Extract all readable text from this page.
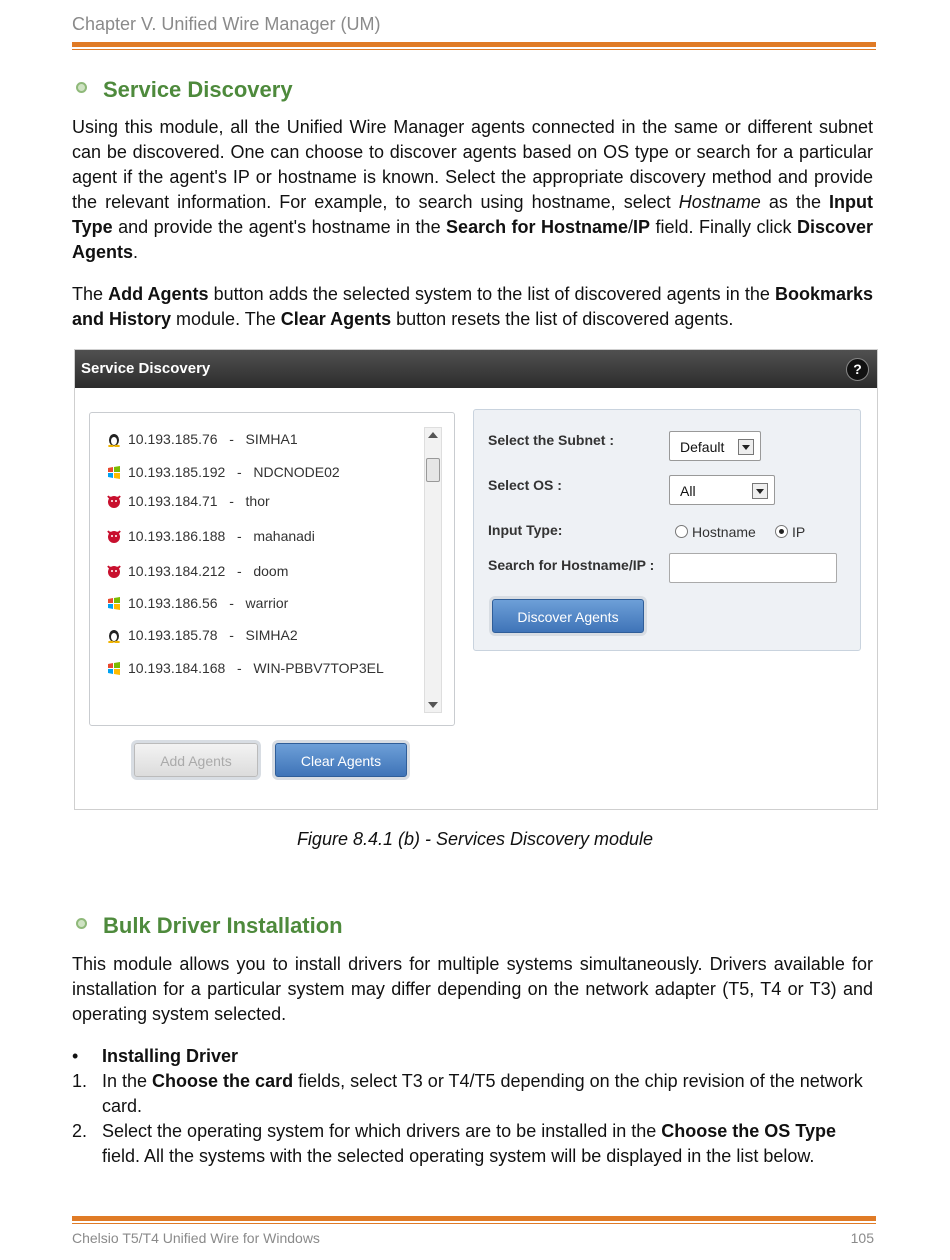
Chapter V. Unified Wire Manager (UM)
Service Discovery
Using this module, all the Unified Wire Manager agents connected in the same or different subnet can be discovered. One can choose to discover agents based on OS type or search for a particular agent if the agent's IP or hostname is known. Select the appropriate discovery method and provide the relevant information. For example, to search using hostname, select Hostname as the Input Type and provide the agent's hostname in the Search for Hostname/IP field. Finally click Discover Agents.
The Add Agents button adds the selected system to the list of discovered agents in the Bookmarks and History module. The Clear Agents button resets the list of discovered agents.
Service Discovery	?
10.193.185.76 - SIMHA1
10.193.185.192 - NDCNODE02
10.193.184.71 - thor
10.193.186.188 - mahanadi
10.193.184.212 - doom
10.193.186.56 - warrior
10.193.185.78 - SIMHA2
10.193.184.168 - WIN-PBBV7TOP3EL
Select the Subnet :	Default
Select OS :	All
Input Type:	Hostname	IP
Search for Hostname/IP :
Discover Agents
Add Agents	Clear Agents
Figure 8.4.1 (b) - Services Discovery module
Bulk Driver Installation
This module allows you to install drivers for multiple systems simultaneously. Drivers available for installation for a particular system may differ depending on the network adapter (T5, T4 or T3) and operating system selected.
• Installing Driver
1. In the Choose the card fields, select T3 or T4/T5 depending on the chip revision of the network card.
2. Select the operating system for which drivers are to be installed in the Choose the OS Type field. All the systems with the selected operating system will be displayed in the list below.
Chelsio T5/T4 Unified Wire for Windows	105
